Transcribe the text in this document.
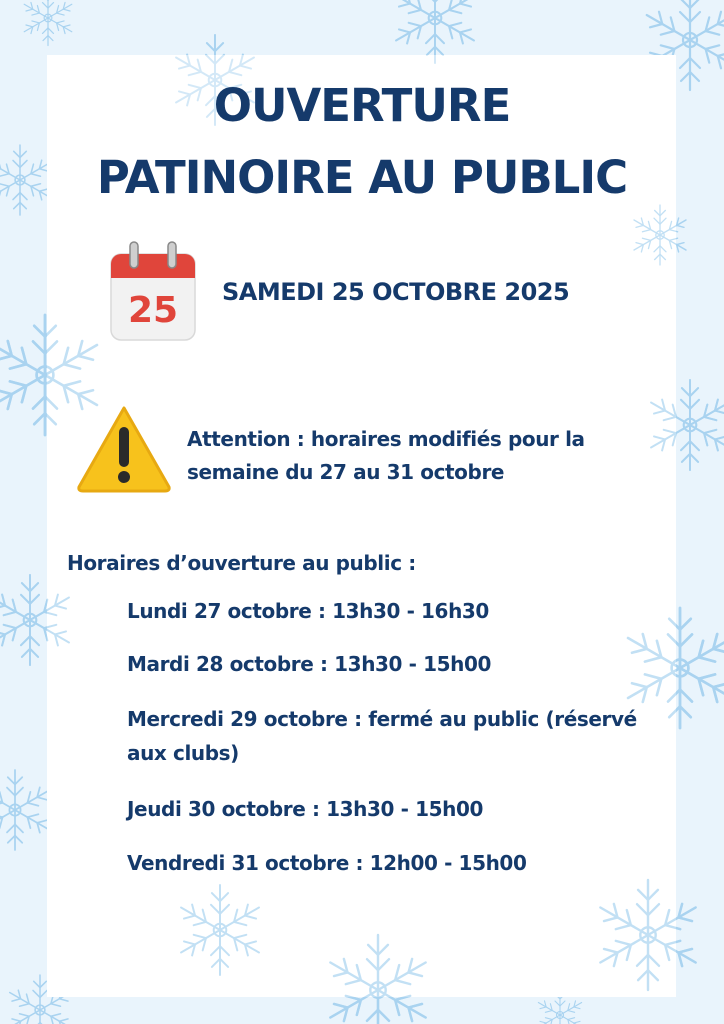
OUVERTURE
PATINOIRE AU PUBLIC
25 SAMEDI 25 OCTOBRE 2025
Attention : horaires modifiés pour la semaine du 27 au 31 octobre
Horaires d’ouverture au public :
Lundi 27 octobre : 13h30 - 16h30
Mardi 28 octobre : 13h30 - 15h00
Mercredi 29 octobre : fermé au public (réservé aux clubs)
Jeudi 30 octobre : 13h30 - 15h00
Vendredi 31 octobre : 12h00 - 15h00
